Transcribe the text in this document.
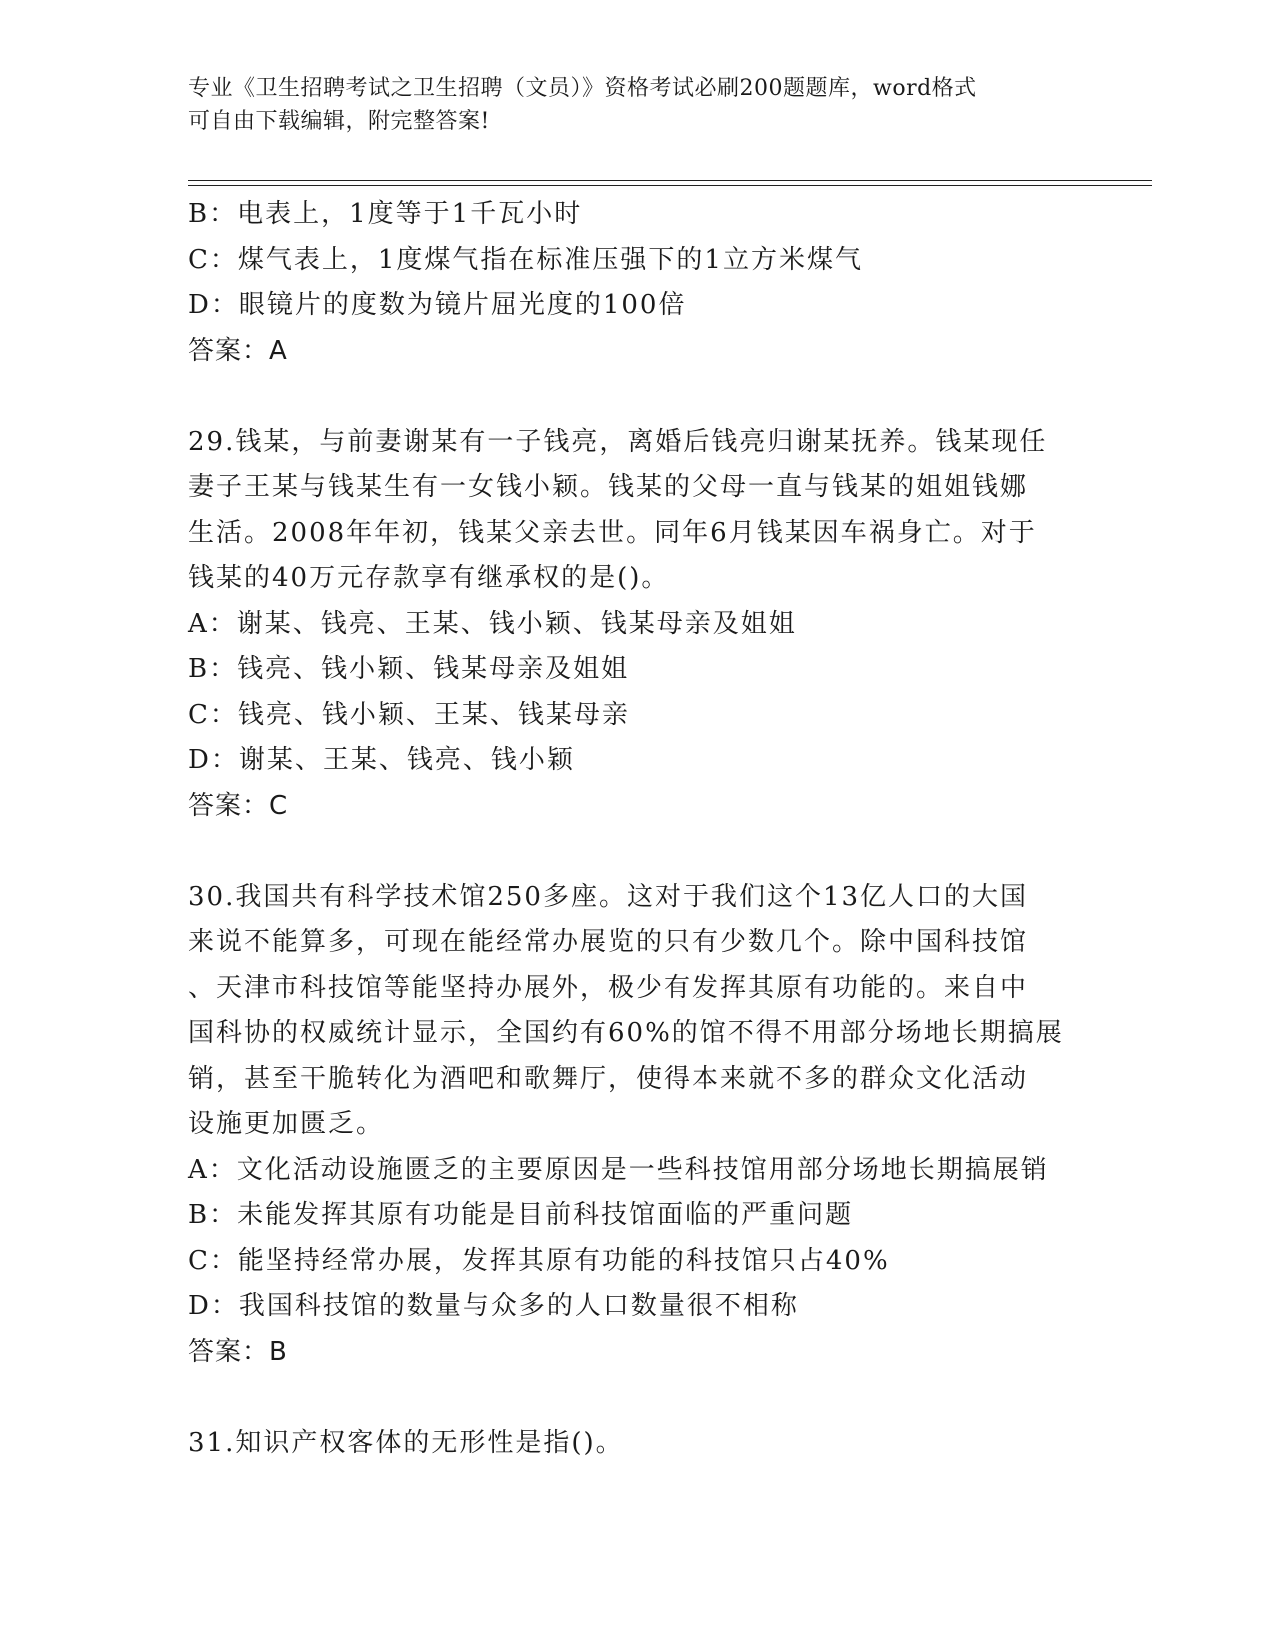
专业《卫生招聘考试之卫生招聘（文员）》资格考试必刷200题题库，word格式
可自由下载编辑，附完整答案!
B：电表上，1度等于1千瓦小时
C：煤气表上，1度煤气指在标准压强下的1立方米煤气
D：眼镜片的度数为镜片屈光度的100倍
答案：A
29.钱某，与前妻谢某有一子钱亮，离婚后钱亮归谢某抚养。钱某现任
妻子王某与钱某生有一女钱小颖。钱某的父母一直与钱某的姐姐钱娜
生活。2008年年初，钱某父亲去世。同年6月钱某因车祸身亡。对于
钱某的40万元存款享有继承权的是()。
A：谢某、钱亮、王某、钱小颖、钱某母亲及姐姐
B：钱亮、钱小颖、钱某母亲及姐姐
C：钱亮、钱小颖、王某、钱某母亲
D：谢某、王某、钱亮、钱小颖
答案：C
30.我国共有科学技术馆250多座。这对于我们这个13亿人口的大国
来说不能算多，可现在能经常办展览的只有少数几个。除中国科技馆
、天津市科技馆等能坚持办展外，极少有发挥其原有功能的。来自中
国科协的权威统计显示，全国约有60%的馆不得不用部分场地长期搞展
销，甚至干脆转化为酒吧和歌舞厅，使得本来就不多的群众文化活动
设施更加匮乏。
A：文化活动设施匮乏的主要原因是一些科技馆用部分场地长期搞展销
B：未能发挥其原有功能是目前科技馆面临的严重问题
C：能坚持经常办展，发挥其原有功能的科技馆只占40%
D：我国科技馆的数量与众多的人口数量很不相称
答案：B
31.知识产权客体的无形性是指()。
